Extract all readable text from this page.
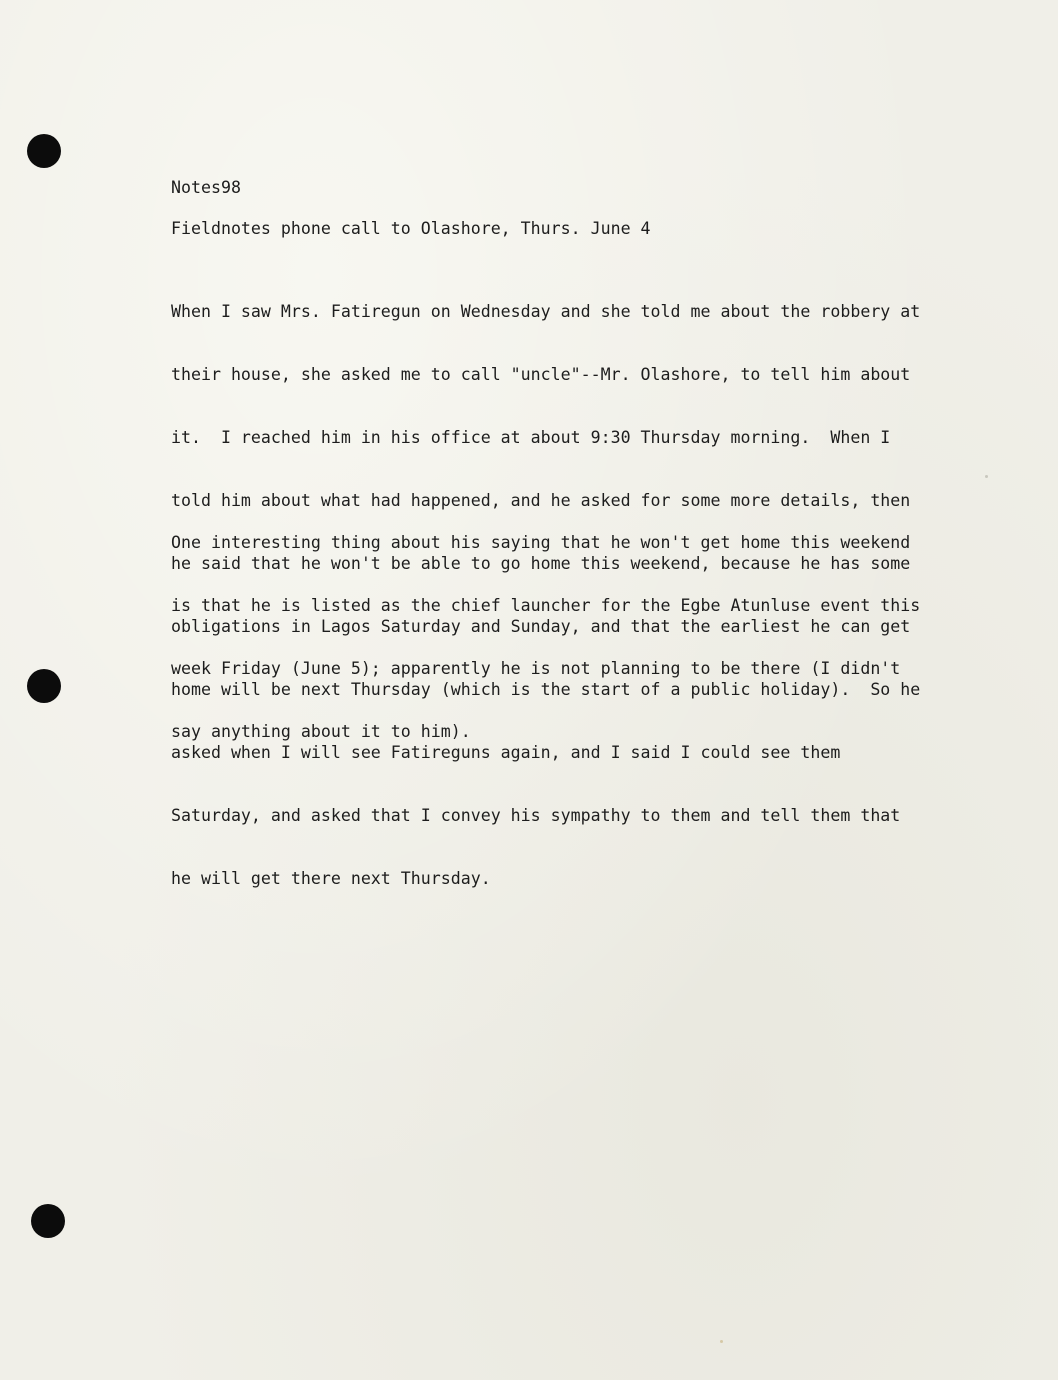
Notes98
Fieldnotes phone call to Olashore, Thurs. June 4

When I saw Mrs. Fatiregun on Wednesday and she told me about the robbery at

their house, she asked me to call "uncle"--Mr. Olashore, to tell him about

it.  I reached him in his office at about 9:30 Thursday morning.  When I

told him about what had happened, and he asked for some more details, then

he said that he won't be able to go home this weekend, because he has some

obligations in Lagos Saturday and Sunday, and that the earliest he can get

home will be next Thursday (which is the start of a public holiday).  So he

asked when I will see Fatireguns again, and I said I could see them

Saturday, and asked that I convey his sympathy to them and tell them that

he will get there next Thursday.

One interesting thing about his saying that he won't get home this weekend

is that he is listed as the chief launcher for the Egbe Atunluse event this

week Friday (June 5); apparently he is not planning to be there (I didn't

say anything about it to him).
